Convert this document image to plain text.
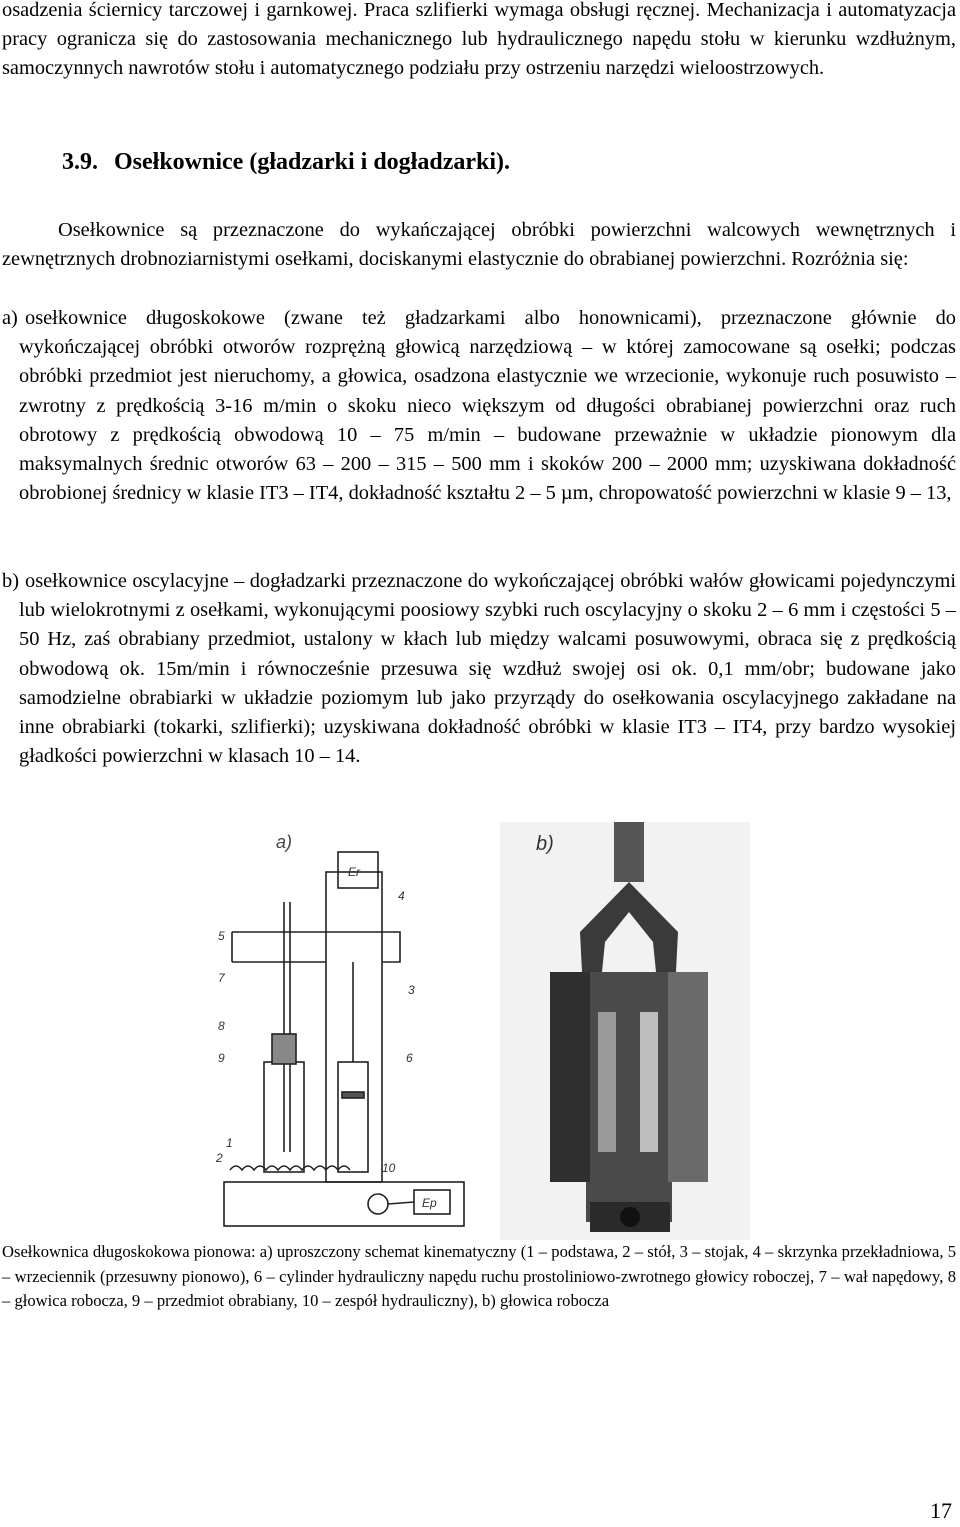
osadzenia ściernicy tarczowej i garnkowej. Praca szlifierki wymaga obsługi ręcznej. Mechanizacja i automatyzacja pracy ogranicza się do zastosowania mechanicznego lub hydraulicznego napędu stołu w kierunku wzdłużnym, samoczynnych nawrotów stołu i automatycznego podziału przy ostrzeniu narzędzi wieloostrzowych.
3.9. Osełkownice (gładzarki i dogładzarki).
Osełkownice są przeznaczone do wykańczającej obróbki powierzchni walcowych wewnętrznych i zewnętrznych drobnoziarnistymi osełkami, dociskanymi elastycznie do obrabianej powierzchni. Rozróżnia się:
a) osełkownice długoskokowe (zwane też gładzarkami albo honownicami), przeznaczone głównie do wykończającej obróbki otworów rozprężną głowicą narzędziową – w której zamocowane są osełki; podczas obróbki przedmiot jest nieruchomy, a głowica, osadzona elastycznie we wrzecionie, wykonuje ruch posuwisto – zwrotny z prędkością 3-16 m/min o skoku nieco większym od długości obrabianej powierzchni oraz ruch obrotowy z prędkością obwodową 10 – 75 m/min – budowane przeważnie w układzie pionowym dla maksymalnych średnic otworów 63 – 200 – 315 – 500 mm i skoków 200 – 2000 mm; uzyskiwana dokładność obrobionej średnicy w klasie IT3 – IT4, dokładność kształtu 2 – 5 µm, chropowatość powierzchni w klasie 9 – 13,
b) osełkownice oscylacyjne – dogładzarki przeznaczone do wykończającej obróbki wałów głowicami pojedynczymi lub wielokrotnymi z osełkami, wykonującymi poosiowy szybki ruch oscylacyjny o skoku 2 – 6 mm i częstości 5 – 50 Hz, zaś obrabiany przedmiot, ustalony w kłach lub między walcami posuwowymi, obraca się z prędkością obwodową ok. 15m/min i równocześnie przesuwa się wzdłuż swojej osi ok. 0,1 mm/obr; budowane jako samodzielne obrabiarki w układzie poziomym lub jako przyrządy do osełkowania oscylacyjnego zakładane na inne obrabiarki (tokarki, szlifierki); uzyskiwana dokładność obróbki w klasie IT3 – IT4, przy bardzo wysokiej gładkości powierzchni w klasach 10 – 14.
a)
Er
Ep
1
2
3
4
5
6
7
8
9
10
b)
Osełkownica długoskokowa pionowa: a) uproszczony schemat kinematyczny (1 – podstawa, 2 – stół, 3 – stojak, 4 – skrzynka przekładniowa, 5 – wrzeciennik (przesuwny pionowo), 6 – cylinder hydrauliczny napędu ruchu prostoliniowo-zwrotnego głowicy roboczej, 7 – wał napędowy, 8 – głowica robocza, 9 – przedmiot obrabiany, 10 – zespół hydrauliczny), b) głowica robocza
17
